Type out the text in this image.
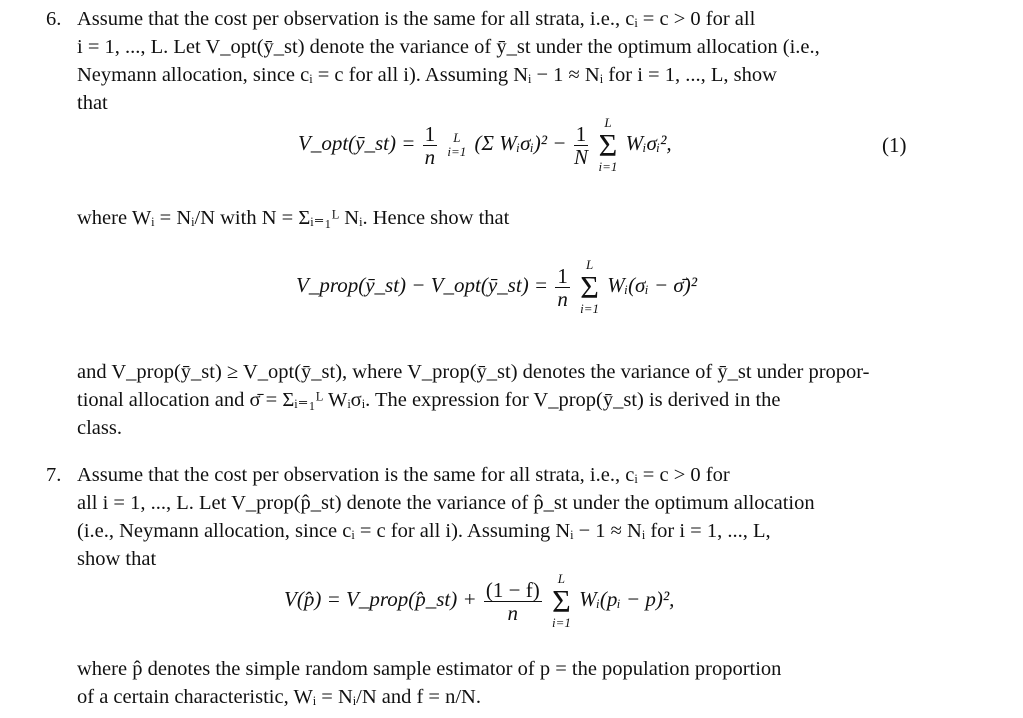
6. Assume that the cost per observation is the same for all strata, i.e., cᵢ = c > 0 for all
i = 1, ..., L. Let V_opt(ȳ_st) denote the variance of ȳ_st under the optimum allocation (i.e.,
Neymann allocation, since cᵢ = c for all i). Assuming Nᵢ − 1 ≈ Nᵢ for i = 1, ..., L, show
that
V_opt(ȳ_st) = $\frac{1}{n}$
	L
i=1 (Σ Wᵢσᵢ)² − $\frac{1}{N}$
	L
Σ
i=1
Wᵢσᵢ²,	(1)
where Wᵢ = Nᵢ/N with N = Σᵢ₌₁ᴸ Nᵢ. Hence show that
V_prop(ȳ_st) − V_opt(ȳ_st) = $\frac{1}{n}$
	L
Σ
i=1
Wᵢ(σᵢ − σ̄)²
and V_prop(ȳ_st) ≥ V_opt(ȳ_st), where V_prop(ȳ_st) denotes the variance of ȳ_st under propor-
tional allocation and σ̄ = Σᵢ₌₁ᴸ Wᵢσᵢ. The expression for V_prop(ȳ_st) is derived in the
class.
7. Assume that the cost per observation is the same for all strata, i.e., cᵢ = c > 0 for
all i = 1, ..., L. Let V_prop(p̂_st) denote the variance of p̂_st under the optimum allocation
(i.e., Neymann allocation, since cᵢ = c for all i). Assuming Nᵢ − 1 ≈ Nᵢ for i = 1, ..., L,
show that
V(p̂) = V_prop(p̂_st) + $\frac{(1 - f)}{n}$
	L
Σ
i=1
Wᵢ(pᵢ − p)²,
where p̂ denotes the simple random sample estimator of p = the population proportion
of a certain characteristic, Wᵢ = Nᵢ/N and f = n/N.
